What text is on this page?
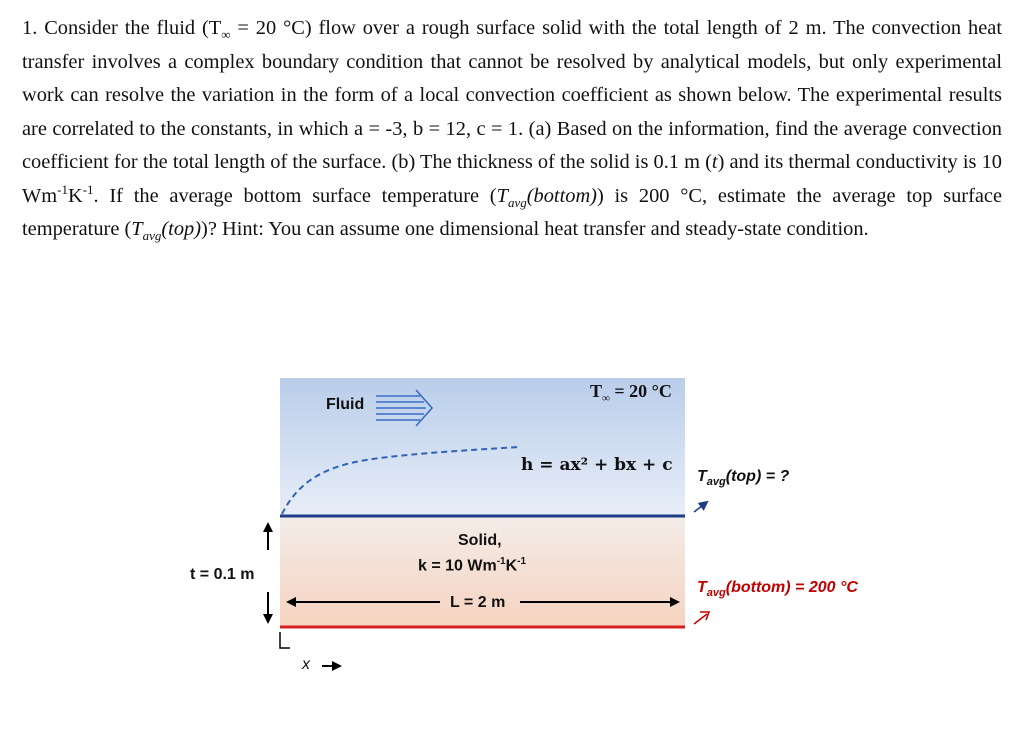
1. Consider the fluid ($T_\infty = 20$ °C) flow over a rough surface solid with the total length of 2 m. The convection heat transfer involves a complex boundary condition that cannot be resolved by analytical models, but only experimental work can resolve the variation in the form of a local convection coefficient as shown below. The experimental results are correlated to the constants, in which a = -3, b = 12, c = 1. (a) Based on the information, find the average convection coefficient for the total length of the surface. (b) The thickness of the solid is 0.1 m (t) and its thermal conductivity is 10 $Wm^{-1}K^{-1}$. If the average bottom surface temperature $(T_{avg}(bottom))$ is 200 °C, estimate the average top surface temperature $(T_{avg}(top))$? Hint: You can assume one dimensional heat transfer and steady-state condition.
Fluid
$T_\infty = 20$ °C
h = ax² + bx + c
$T_{avg}(top)$ = ?
Solid,
k = 10 $Wm^{-1}K^{-1}$
t = 0.1 m
L = 2 m
$T_{avg}(bottom) = 200$ °C
x
